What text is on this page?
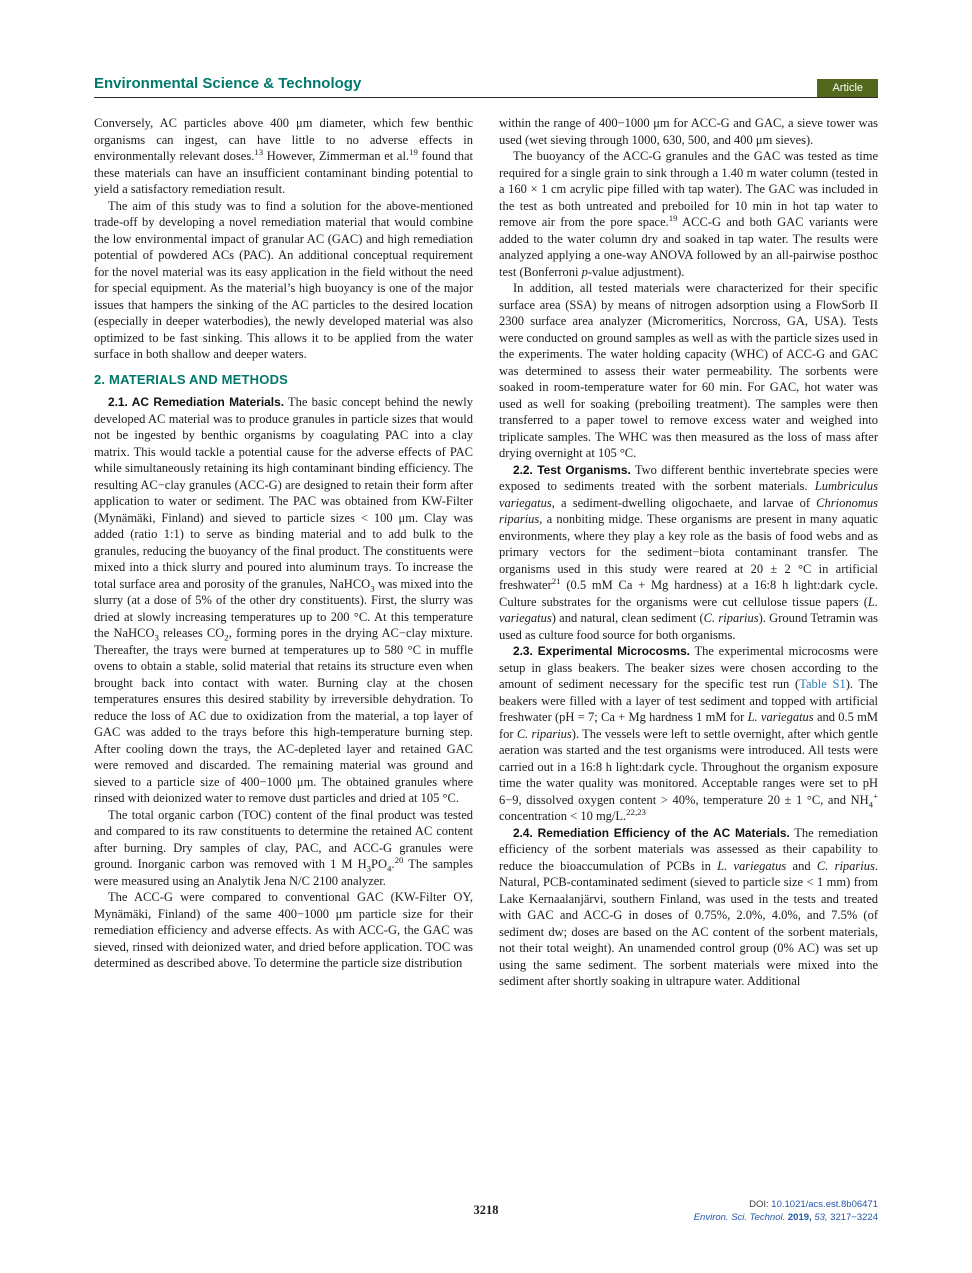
Environmental Science & Technology	Article

Conversely, AC particles above 400 μm diameter, which few benthic organisms can ingest, can have little to no adverse effects in environmentally relevant doses.$^{13}$ However, Zimmerman et al.$^{19}$ found that these materials can have an insufficient contaminant binding potential to yield a satisfactory remediation result.

The aim of this study was to find a solution for the above-mentioned trade-off by developing a novel remediation material that would combine the low environmental impact of granular AC (GAC) and high remediation potential of powdered ACs (PAC). An additional conceptual requirement for the novel material was its easy application in the field without the need for special equipment. As the material’s high buoyancy is one of the major issues that hampers the sinking of the AC particles to the desired location (especially in deeper waterbodies), the newly developed material was also optimized to be fast sinking. This allows it to be applied from the water surface in both shallow and deeper waters.

2. MATERIALS AND METHODS

2.1. AC Remediation Materials. The basic concept behind the newly developed AC material was to produce granules in particle sizes that would not be ingested by benthic organisms by coagulating PAC into a clay matrix. This would tackle a potential cause for the adverse effects of PAC while simultaneously retaining its high contaminant binding efficiency. The resulting AC−clay granules (ACC-G) are designed to retain their form after application to water or sediment. The PAC was obtained from KW-Filter (Mynämäki, Finland) and sieved to particle sizes < 100 μm. Clay was added (ratio 1:1) to serve as binding material and to add bulk to the granules, reducing the buoyancy of the final product. The constituents were mixed into a thick slurry and poured into aluminum trays. To increase the total surface area and porosity of the granules, NaHCO$_3$ was mixed into the slurry (at a dose of 5% of the other dry constituents). First, the slurry was dried at slowly increasing temperatures up to 200 °C. At this temperature the NaHCO$_3$ releases $CO_2$, forming pores in the drying AC−clay mixture. Thereafter, the trays were burned at temperatures up to 580 °C in muffle ovens to obtain a stable, solid material that retains its structure even when brought back into contact with water. Burning clay at the chosen temperatures ensures this desired stability by irreversible dehydration. To reduce the loss of AC due to oxidization from the material, a top layer of GAC was added to the trays before this high-temperature burning step. After cooling down the trays, the AC-depleted layer and retained GAC were removed and discarded. The remaining material was ground and sieved to a particle size of 400−1000 μm. The obtained granules where rinsed with deionized water to remove dust particles and dried at 105 °C.

The total organic carbon (TOC) content of the final product was tested and compared to its raw constituents to determine the retained AC content after burning. Dry samples of clay, PAC, and ACC-G granules were ground. Inorganic carbon was removed with 1 M $H_3PO_4.^{20}$ The samples were measured using an Analytik Jena N/C 2100 analyzer.

The ACC-G were compared to conventional GAC (KW-Filter OY, Mynämäki, Finland) of the same 400−1000 μm particle size for their remediation efficiency and adverse effects. As with ACC-G, the GAC was sieved, rinsed with deionized water, and dried before application. TOC was determined as described above. To determine the particle size distribution

within the range of 400−1000 μm for ACC-G and GAC, a sieve tower was used (wet sieving through 1000, 630, 500, and 400 μm sieves).

The buoyancy of the ACC-G granules and the GAC was tested as time required for a single grain to sink through a 1.40 m water column (tested in a 160 × 1 cm acrylic pipe filled with tap water). The GAC was included in the test as both untreated and preboiled for 10 min in hot tap water to remove air from the pore space.$^{19}$ ACC-G and both GAC variants were added to the water column dry and soaked in tap water. The results were analyzed applying a one-way ANOVA followed by an all-pairwise posthoc test (Bonferroni p-value adjustment).

In addition, all tested materials were characterized for their specific surface area (SSA) by means of nitrogen adsorption using a FlowSorb II 2300 surface area analyzer (Micromeritics, Norcross, GA, USA). Tests were conducted on ground samples as well as with the particle sizes used in the experiments. The water holding capacity (WHC) of ACC-G and GAC was determined to assess their water permeability. The sorbents were soaked in room-temperature water for 60 min. For GAC, hot water was used as well for soaking (preboiling treatment). The samples were then transferred to a paper towel to remove excess water and weighed into triplicate samples. The WHC was then measured as the loss of mass after drying overnight at 105 °C.

2.2. Test Organisms. Two different benthic invertebrate species were exposed to sediments treated with the sorbent materials. Lumbriculus variegatus, a sediment-dwelling oligochaete, and larvae of Chrionomus riparius, a nonbiting midge. These organisms are present in many aquatic environments, where they play a key role as the basis of food webs and as primary vectors for the sediment−biota contaminant transfer. The organisms used in this study were reared at 20 ± 2 °C in artificial freshwater$^{21}$ (0.5 mM Ca + Mg hardness) at a 16:8 h light:dark cycle. Culture substrates for the organisms were cut cellulose tissue papers (L. variegatus) and natural, clean sediment (C. riparius). Ground Tetramin was used as culture food source for both organisms.

2.3. Experimental Microcosms. The experimental microcosms were setup in glass beakers. The beaker sizes were chosen according to the amount of sediment necessary for the specific test run (Table S1). The beakers were filled with a layer of test sediment and topped with artificial freshwater (pH = 7; Ca + Mg hardness 1 mM for L. variegatus and 0.5 mM for C. riparius). The vessels were left to settle overnight, after which gentle aeration was started and the test organisms were introduced. All tests were carried out in a 16:8 h light:dark cycle. Throughout the organism exposure time the water quality was monitored. Acceptable ranges were set to pH 6−9, dissolved oxygen content > 40%, temperature 20 ± 1 °C, and $NH_4^+$ concentration < 10 mg/L.$^{22,23}$

2.4. Remediation Efficiency of the AC Materials. The remediation efficiency of the sorbent materials was assessed as their capability to reduce the bioaccumulation of PCBs in L. variegatus and C. riparius. Natural, PCB-contaminated sediment (sieved to particle size < 1 mm) from Lake Kernaalanjärvi, southern Finland, was used in the tests and treated with GAC and ACC-G in doses of 0.75%, 2.0%, 4.0%, and 7.5% (of sediment dw; doses are based on the AC content of the sorbent materials, not their total weight). An unamended control group (0% AC) was set up using the same sediment. The sorbent materials were mixed into the sediment after shortly soaking in ultrapure water. Additional

3218	DOI: 10.1021/acs.est.8b06471
Environ. Sci. Technol. 2019, 53, 3217−3224
